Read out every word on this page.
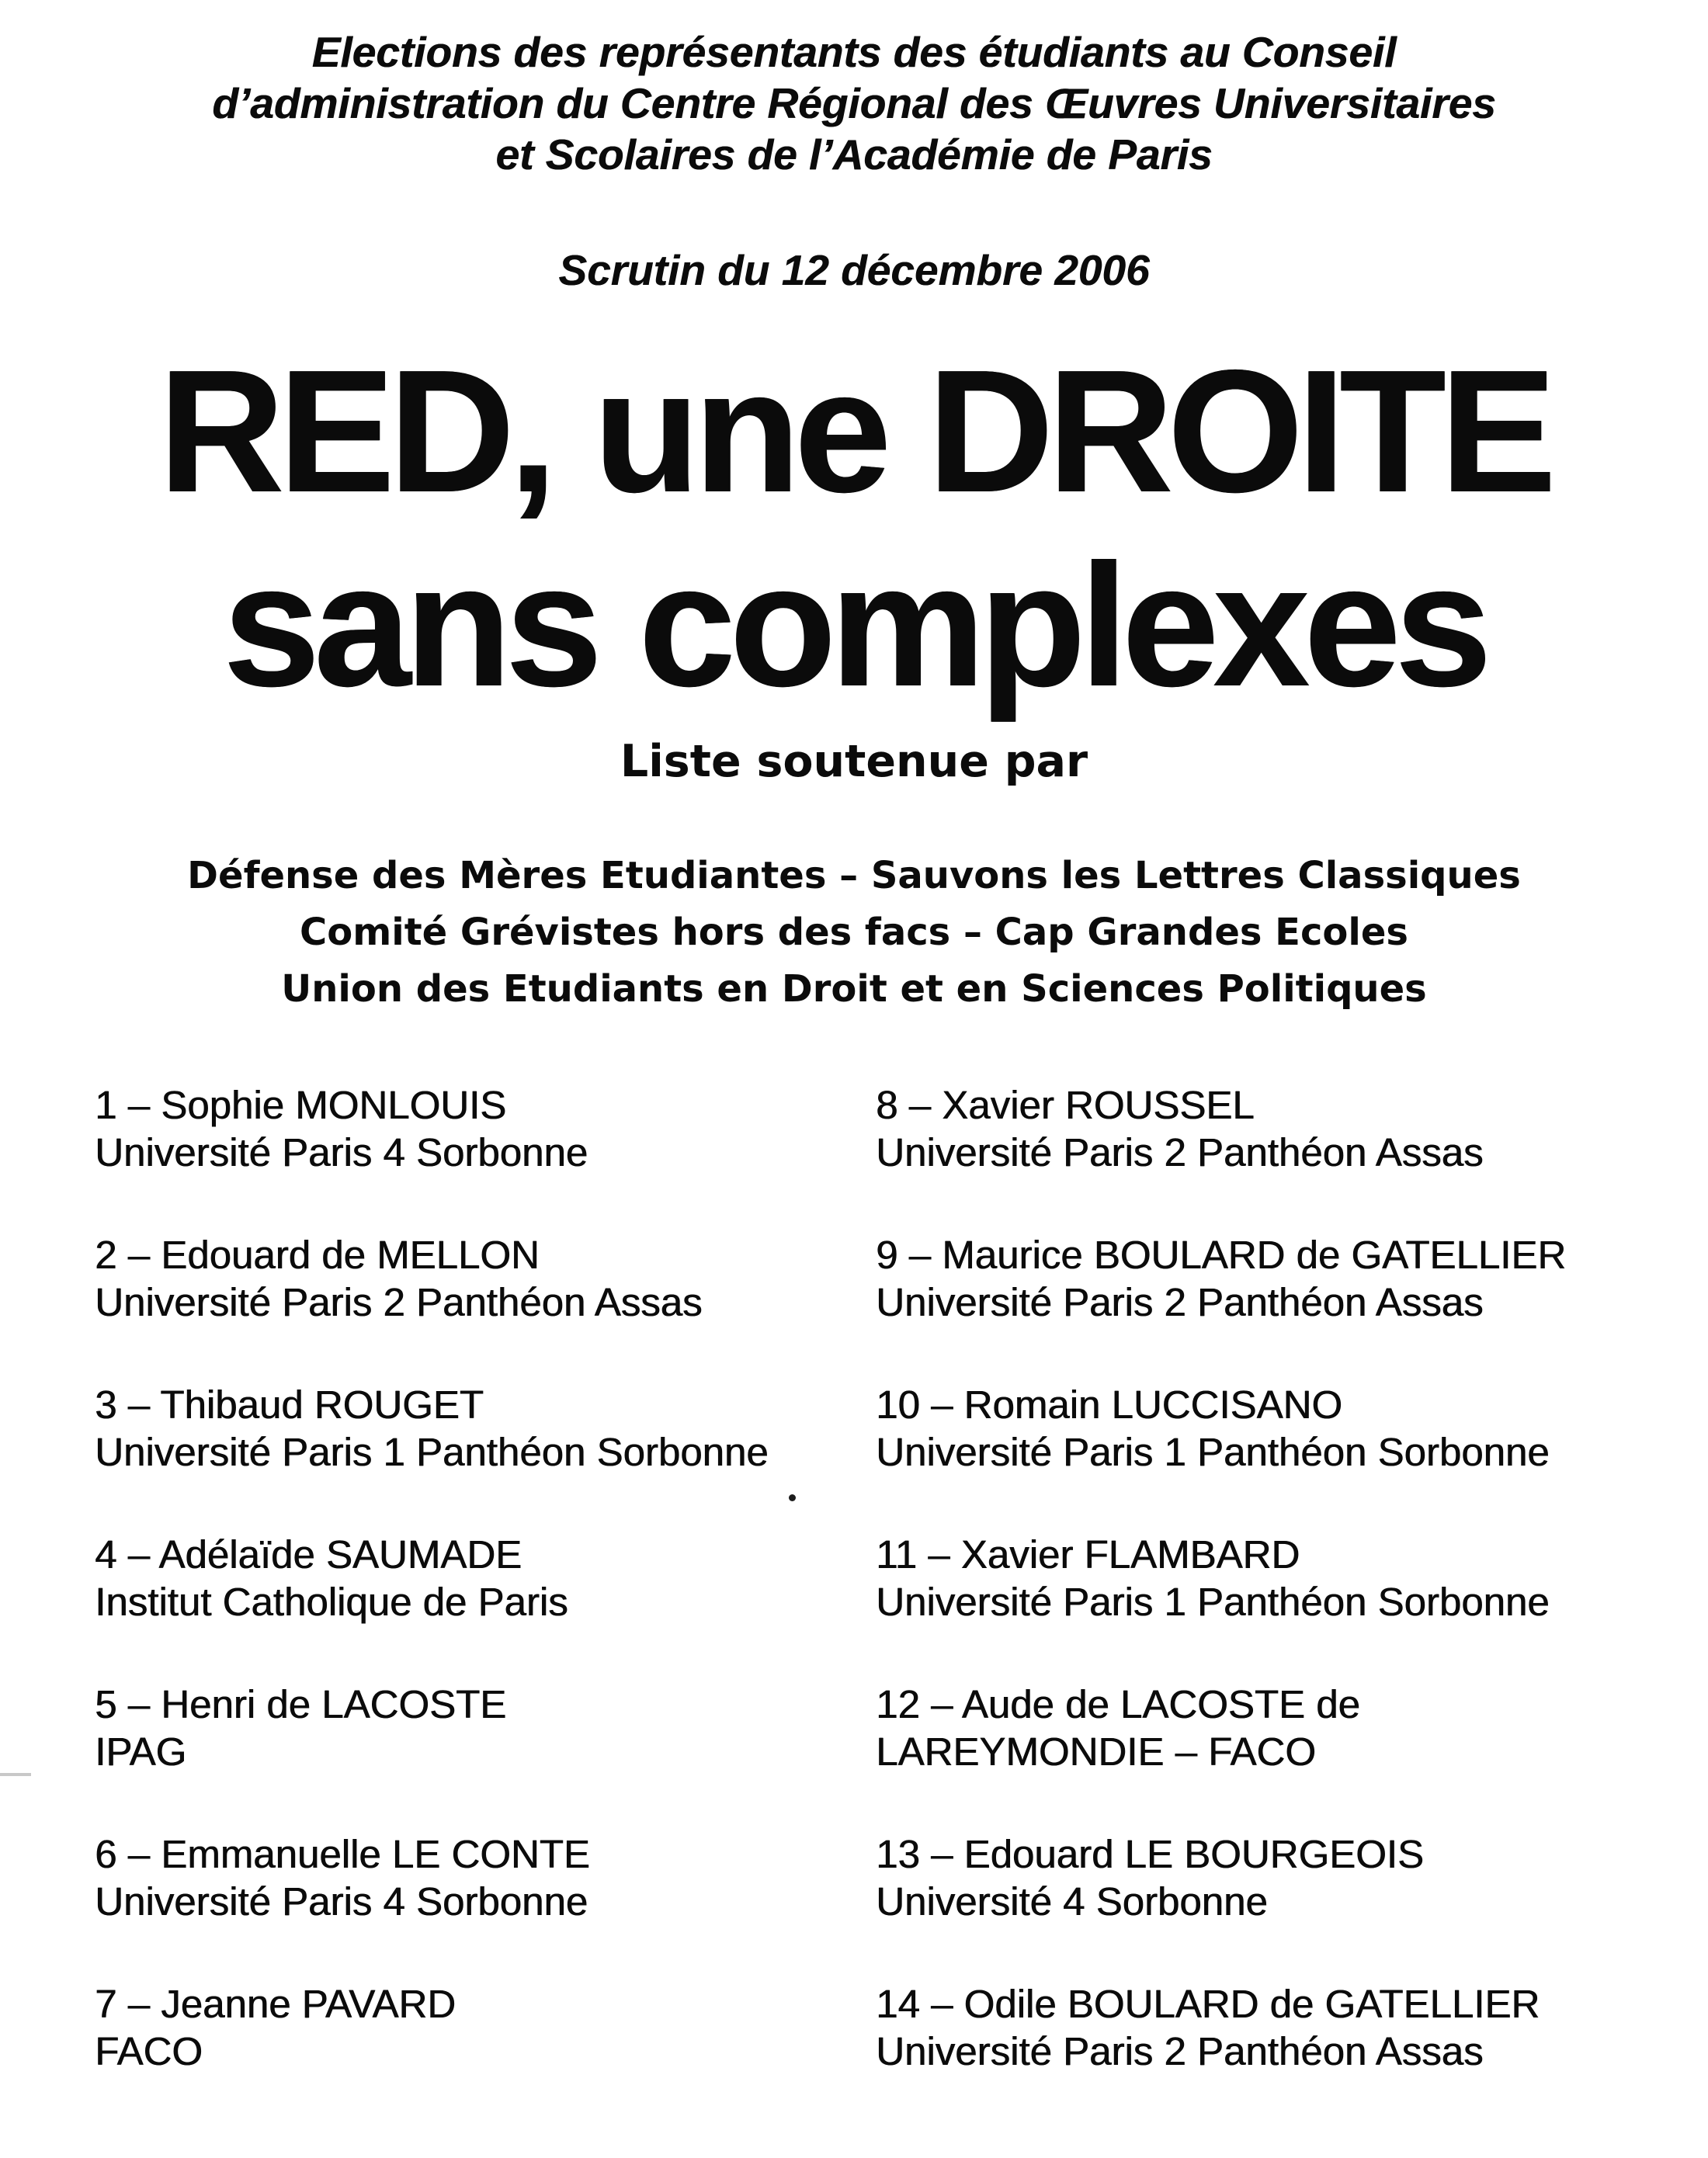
Elections des représentants des étudiants au Conseil
d’administration du Centre Régional des Œuvres Universitaires
et Scolaires de l’Académie de Paris
Scrutin du 12 décembre 2006
RED, une DROITE
sans complexes
Liste soutenue par
Défense des Mères Etudiantes – Sauvons les Lettres Classiques
Comité Grévistes hors des facs – Cap Grandes Ecoles
Union des Etudiants en Droit et en Sciences Politiques
1 – Sophie MONLOUIS
Université Paris 4 Sorbonne
2 – Edouard de MELLON
Université Paris 2 Panthéon Assas
3 – Thibaud ROUGET
Université Paris 1 Panthéon Sorbonne
4 – Adélaïde SAUMADE
Institut Catholique de Paris
5 – Henri de LACOSTE
IPAG
6 – Emmanuelle LE CONTE
Université Paris 4 Sorbonne
7 – Jeanne PAVARD
FACO
8 – Xavier ROUSSEL
Université Paris 2 Panthéon Assas
9 – Maurice BOULARD de GATELLIER
Université Paris 2 Panthéon Assas
10 – Romain LUCCISANO
Université Paris 1 Panthéon Sorbonne
11 – Xavier FLAMBARD
Université Paris 1 Panthéon Sorbonne
12 – Aude de LACOSTE de
LAREYMONDIE – FACO
13 – Edouard LE BOURGEOIS
Université 4 Sorbonne
14 – Odile BOULARD de GATELLIER
Université Paris 2 Panthéon Assas
